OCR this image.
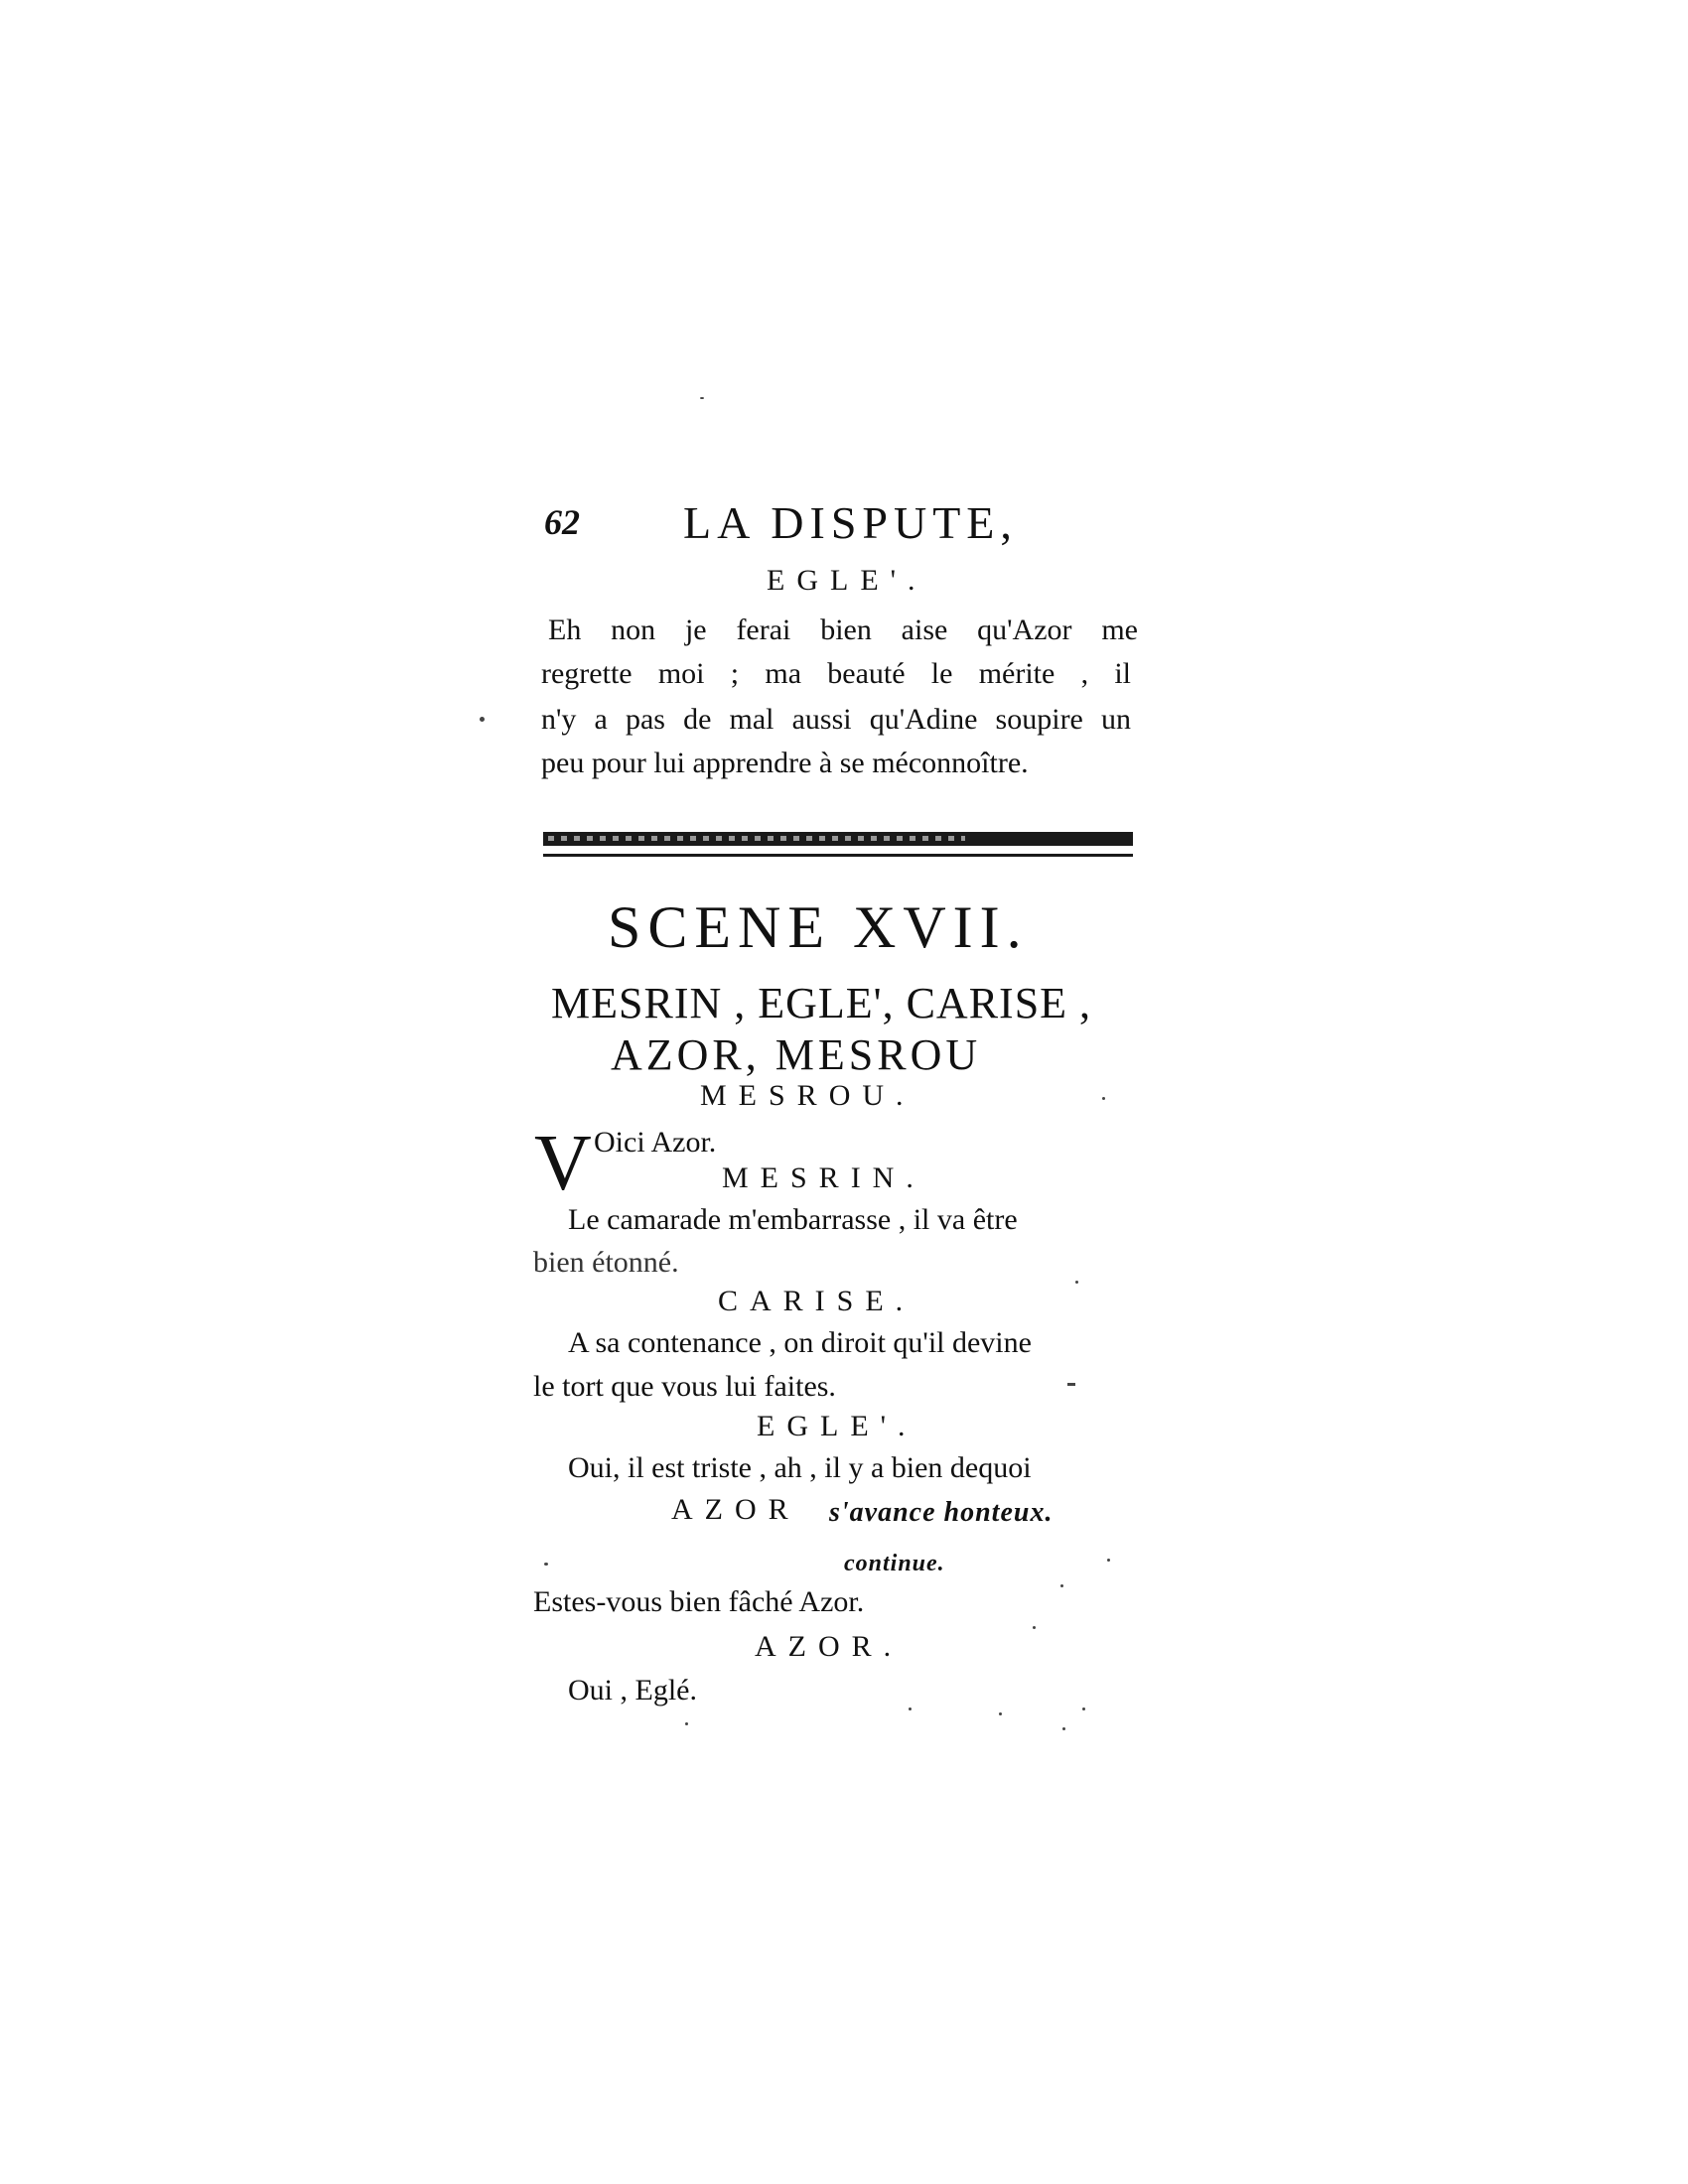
62 LA DISPUTE,
EGLE'.
Eh non je ferai bien aise qu'Azor me
regrette moi ; ma beauté le mérite , il
n'y a pas de mal aussi qu'Adine soupire un
peu pour lui apprendre à se méconnoître.
SCENE XVII.
MESRIN , EGLE', CARISE ,
AZOR, MESROU
MESROU.
V Oici Azor.
MESRIN.
Le camarade m'embarrasse , il va être
bien étonné.
CARISE.
A sa contenance , on diroit qu'il devine
le tort que vous lui faites.
EGLE'.
Oui, il est triste , ah , il y a bien dequoi
AZOR s'avance honteux.
continue.
Estes-vous bien fâché Azor.
AZOR.
Oui , Eglé.
